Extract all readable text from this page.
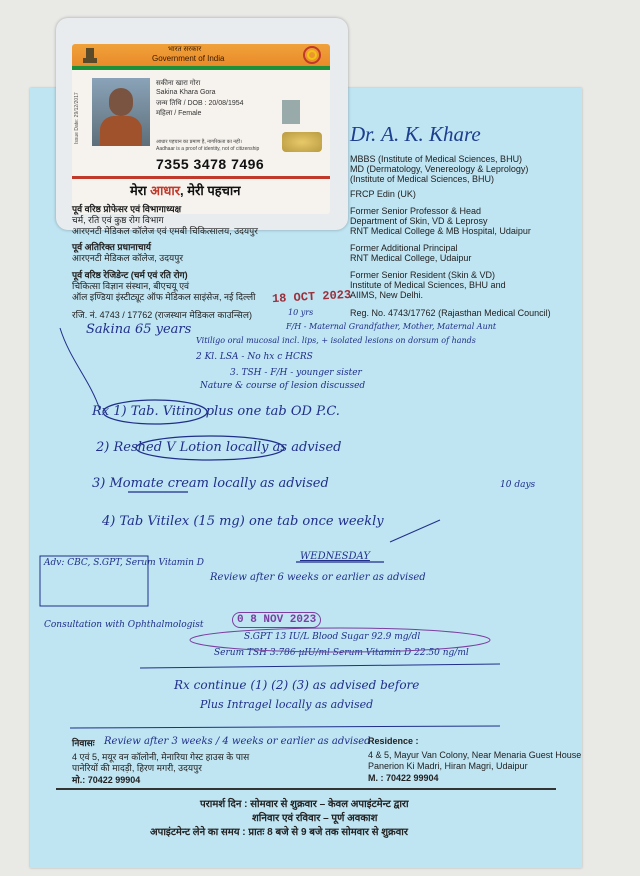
भारत सरकार
Government of India
Issue Date: 29/12/2017
सकीना खारा गोरा
Sakina Khara Gora
जन्म तिथि / DOB : 20/08/1954
महिला / Female
आधार पहचान का प्रमाण है, नागरिकता का नहीं।
Aadhaar is a proof of identity, not of citizenship
7355 3478 7496
मेरा आधार, मेरी पहचान
Dr. A. K. Khare
MBBS (Institute of Medical Sciences, BHU)
MD (Dermatology, Venereology & Leprology)
(Institute of Medical Sciences, BHU)
FRCP Edin (UK)
Former Senior Professor & Head
Department of Skin, VD & Leprosy
RNT Medical College & MB Hospital, Udaipur
Former Additional Principal
RNT Medical College, Udaipur
Former Senior Resident (Skin & VD)
Institute of Medical Sciences, BHU and
AIIMS, New Delhi.
Reg. No. 4743/17762 (Rajasthan Medical Council)
पूर्व वरिष्ठ प्रोफेसर एवं विभागाध्यक्ष
चर्म, रति एवं कुष्ठ रोग विभाग
आरएनटी मेडिकल कॉलेज एवं एमबी चिकित्सालय, उदयपुर
पूर्व अतिरिक्त प्रधानाचार्य
आरएनटी मेडिकल कॉलेज, उदयपुर
पूर्व वरिष्ठ रेजिडेन्ट (चर्म एवं रति रोग)
चिकित्सा विज्ञान संस्थान, बीएचयू एवं
ऑल इण्डिया इंस्टीट्यूट ऑफ मेडिकल साइंसेज, नई दिल्ली
रजि. नं. 4743 / 17762 (राजस्थान मेडिकल काउन्सिल)
18 OCT 2023
0 8 NOV 2023
Sakina 65 years
10 yrs
Vitiligo oral mucosal incl. lips, + isolated lesions on dorsum of hands
F/H - Maternal Grandfather, Mother, Maternal Aunt
2 Kl. LSA - No hx c HCRS
3. TSH - F/H - younger sister
Nature & course of lesion discussed
Rx 1) Tab. Vitino plus one tab OD P.C.
2) Reshed V Lotion locally as advised
3) Momate cream locally as advised	10 days
4) Tab Vitilex (15 mg) one tab once weekly
WEDNESDAY
Review after 6 weeks or earlier as advised
Adv: CBC, S.GPT, Serum Vitamin D
Consultation with Ophthalmologist
S.GPT 13 IU/L Blood Sugar 92.9 mg/dl
Serum TSH 3.786 µIU/ml Serum Vitamin D 22.50 ng/ml
Rx continue (1) (2) (3) as advised before
Plus Intragel locally as advised
Review after 3 weeks / 4 weeks or earlier as advised
निवासः
4 एवं 5, मयूर वन कॉलोनी, मेनारिया गेस्ट हाउस के पास
पानेरियों की मादड़ी, हिरण मगरी, उदयपुर
मो.: 70422 99904
Residence :
4 & 5, Mayur Van Colony, Near Menaria Guest House
Panerion Ki Madri, Hiran Magri, Udaipur
M. : 70422 99904
परामर्श दिन : सोमवार से शुक्रवार – केवल अपाइंटमेन्ट द्वारा
शनिवार एवं रविवार – पूर्ण अवकाश
अपाइंटमेन्ट लेने का समय : प्रातः 8 बजे से 9 बजे तक सोमवार से शुक्रवार
